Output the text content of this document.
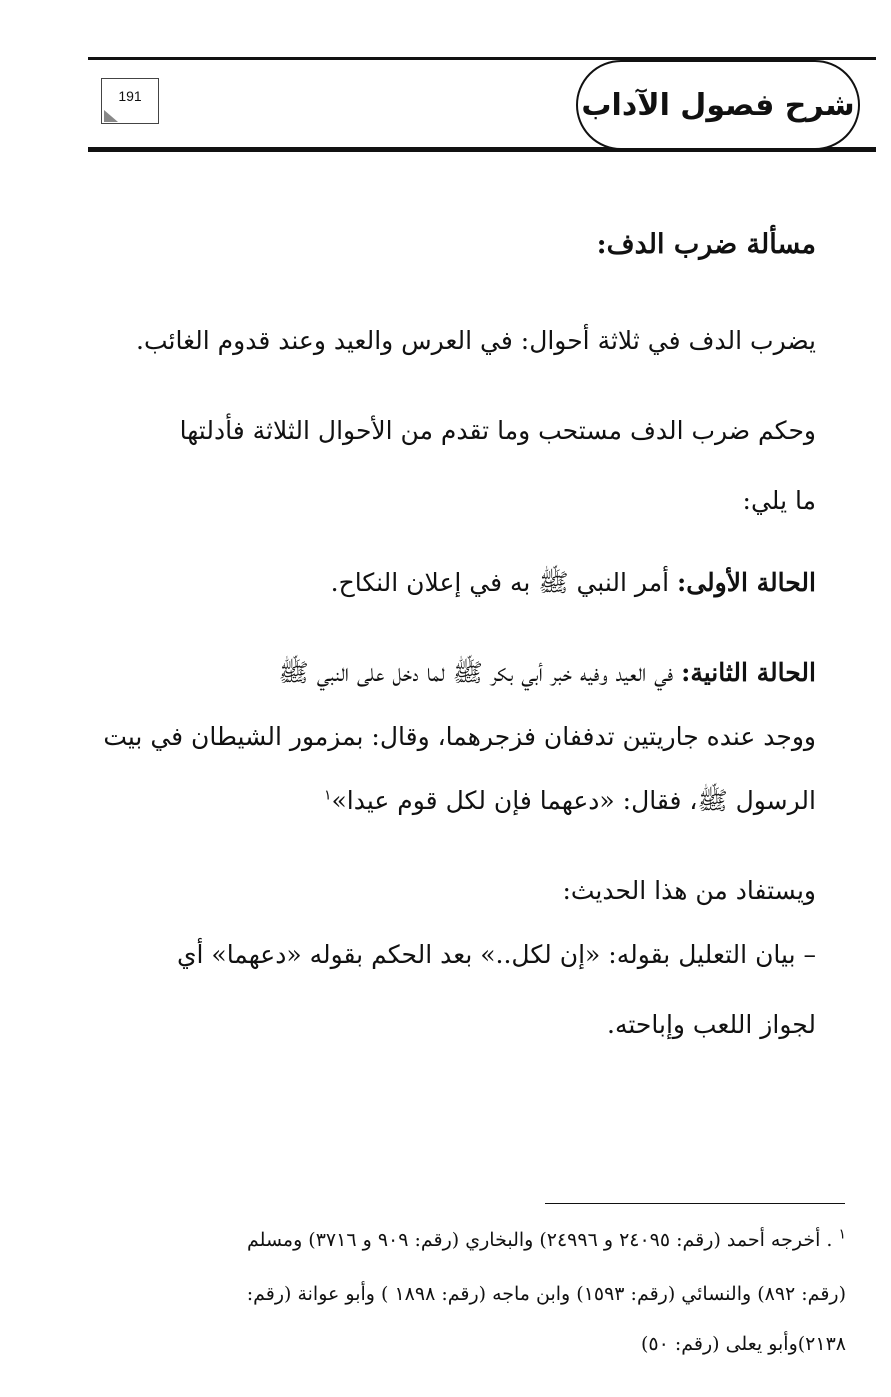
شرح فصول الآداب
191
مسألة ضرب الدف:
يضرب الدف في ثلاثة أحوال: في العرس والعيد وعند قدوم الغائب.
وحكم ضرب الدف مستحب وما تقدم من الأحوال الثلاثة فأدلتها
ما يلي:
الحالة الأولى: أمر النبي ﷺ به في إعلان النكاح.
الحالة الثانية: في العيد وفيه خبر أبي بكر ﷺ لما دخل على النبي ﷺ
ووجد عنده جاريتين تدففان فزجرهما، وقال: بمزمور الشيطان في بيت
الرسول ﷺ، فقال: «دعهما فإن لكل قوم عيدا»$^١$
ويستفاد من هذا الحديث:
– بيان التعليل بقوله: «إن لكل..» بعد الحكم بقوله «دعهما» أي
لجواز اللعب وإباحته.
$^١$ . أخرجه أحمد (رقم: ٢٤٠٩٥ و ٢٤٩٩٦) والبخاري (رقم: ٩٠٩ و ٣٧١٦) ومسلم
(رقم: ٨٩٢) والنسائي (رقم: ١٥٩٣) وابن ماجه (رقم: ١٨٩٨ ) وأبو عوانة (رقم:
٢١٣٨)وأبو يعلى (رقم: ٥٠)
